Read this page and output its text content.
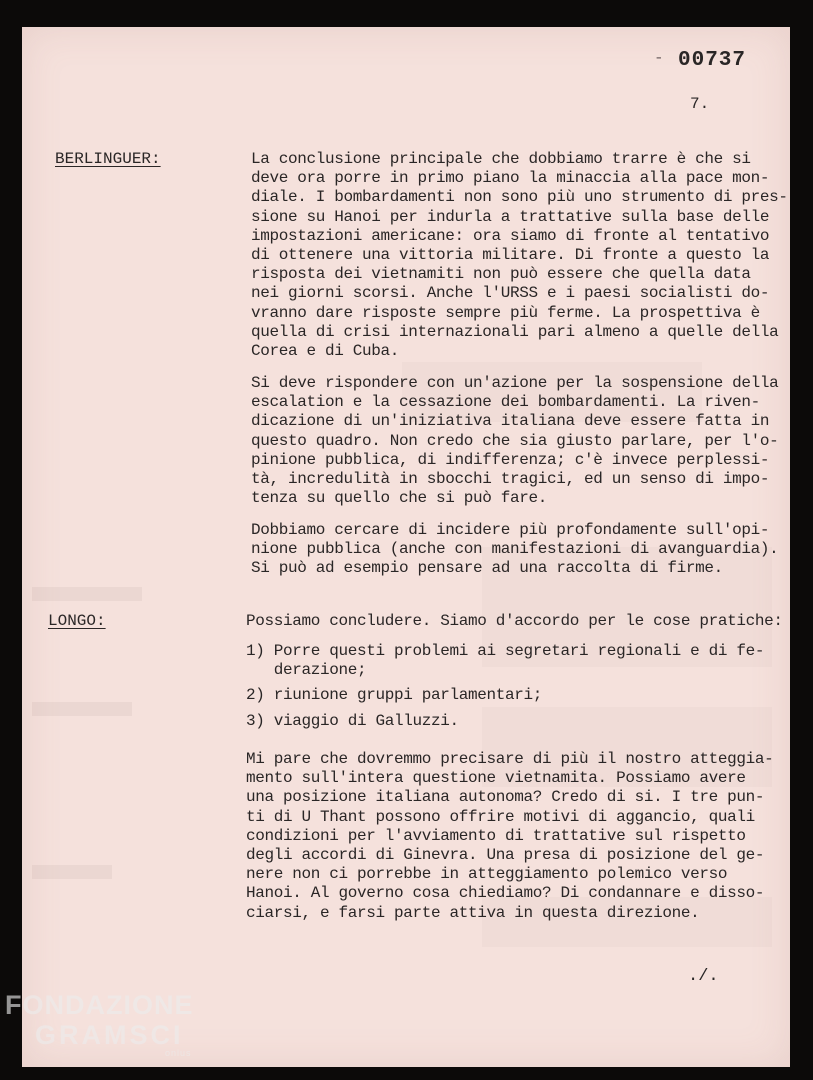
- 00737
7.
BERLINGUER:	La conclusione principale che dobbiamo trarre è che si
deve ora porre in primo piano la minaccia alla pace mon-
diale. I bombardamenti non sono più uno strumento di pres-
sione su Hanoi per indurla a trattative sulla base delle
impostazioni americane: ora siamo di fronte al tentativo
di ottenere una vittoria militare. Di fronte a questo la
risposta dei vietnamiti non può essere che quella data
nei giorni scorsi. Anche l'URSS e i paesi socialisti do-
vranno dare risposte sempre più ferme. La prospettiva è
quella di crisi internazionali pari almeno a quelle della
Corea e di Cuba.

Si deve rispondere con un'azione per la sospensione della
escalation e la cessazione dei bombardamenti. La riven-
dicazione di un'iniziativa italiana deve essere fatta in
questo quadro. Non credo che sia giusto parlare, per l'o-
pinione pubblica, di indifferenza; c'è invece perplessi-
tà, incredulità in sbocchi tragici, ed un senso di impo-
tenza su quello che si può fare.

Dobbiamo cercare di incidere più profondamente sull'opi-
nione pubblica (anche con manifestazioni di avanguardia).
Si può ad esempio pensare ad una raccolta di firme.

LONGO:	Possiamo concludere. Siamo d'accordo per le cose pratiche:

1) Porre questi problemi ai segretari regionali e di fe-
derazione;
2) riunione gruppi parlamentari;
3) viaggio di Galluzzi.

Mi pare che dovremmo precisare di più il nostro atteggia-
mento sull'intera questione vietnamita. Possiamo avere
una posizione italiana autonoma? Credo di si. I tre pun-
ti di U Thant possono offrire motivi di aggancio, quali
condizioni per l'avviamento di trattative sul rispetto
degli accordi di Ginevra. Una presa di posizione del ge-
nere non ci porrebbe in atteggiamento polemico verso
Hanoi. Al governo cosa chiediamo? Di condannare e disso-
ciarsi, e farsi parte attiva in questa direzione.

./.
FONDAZIONE
GRAMSCI
onlus
